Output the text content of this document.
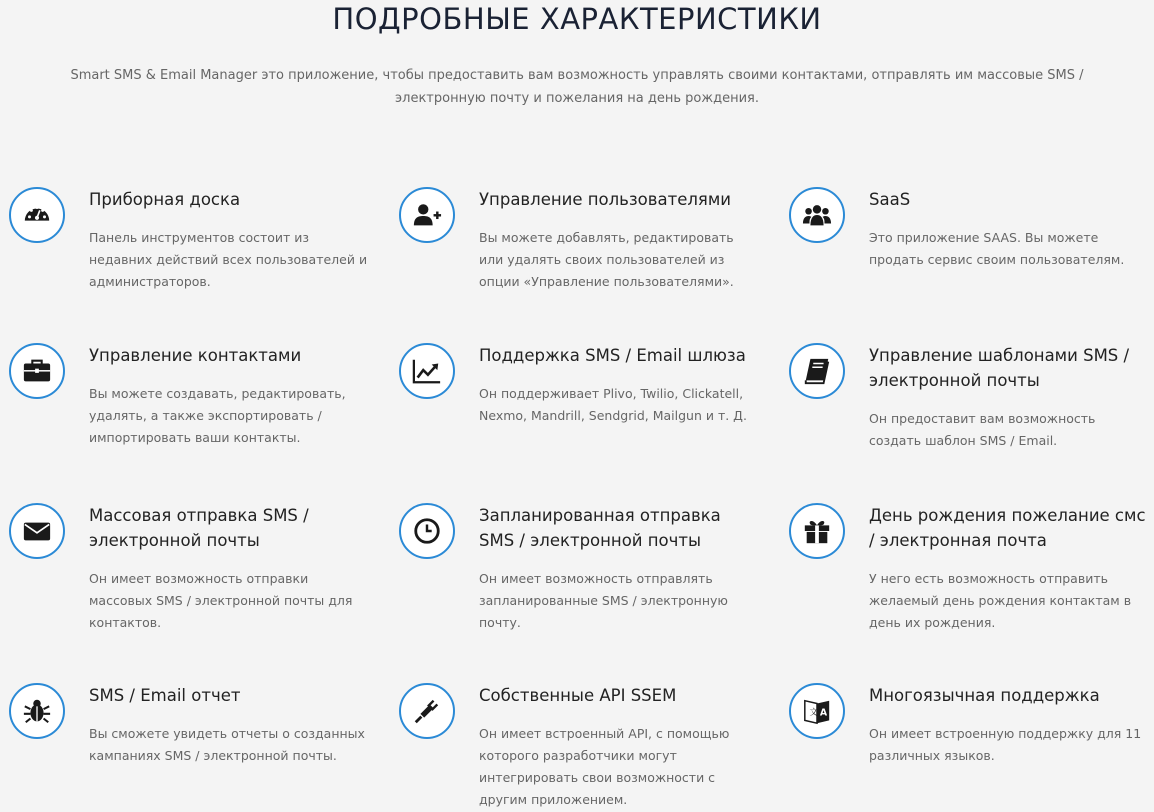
ПОДРОБНЫЕ ХАРАКТЕРИСТИКИ

Smart SMS & Email Manager это приложение, чтобы предоставить вам возможность управлять своими контактами, отправлять им массовые SMS / электронную почту и пожелания на день рождения.

Приборная доска

Панель инструментов состоит из недавних действий всех пользователей и администраторов.

Управление пользователями

Вы можете добавлять, редактировать или удалять своих пользователей из опции «Управление пользователями».

SaaS

Это приложение SAAS. Вы можете продать сервис своим пользователям.

Управление контактами

Вы можете создавать, редактировать, удалять, а также экспортировать / импортировать ваши контакты.

Поддержка SMS / Email шлюза

Он поддерживает Plivo, Twilio, Clickatell, Nexmo, Mandrill, Sendgrid, Mailgun и т. Д.

Управление шаблонами SMS / электронной почты

Он предоставит вам возможность создать шаблон SMS / Email.

Массовая отправка SMS / электронной почты

Он имеет возможность отправки массовых SMS / электронной почты для контактов.

Запланированная отправка SMS / электронной почты

Он имеет возможность отправлять запланированные SMS / электронную почту.

День рождения пожелание смс / электронная почта

У него есть возможность отправить желаемый день рождения контактам в день их рождения.

SMS / Email отчет

Вы сможете увидеть отчеты о созданных кампаниях SMS / электронной почты.

Собственные API SSEM

Он имеет встроенный API, с помощью которого разработчики могут интегрировать свои возможности с другим приложением.

文 A
Многоязычная поддержка

Он имеет встроенную поддержку для 11 различных языков.
